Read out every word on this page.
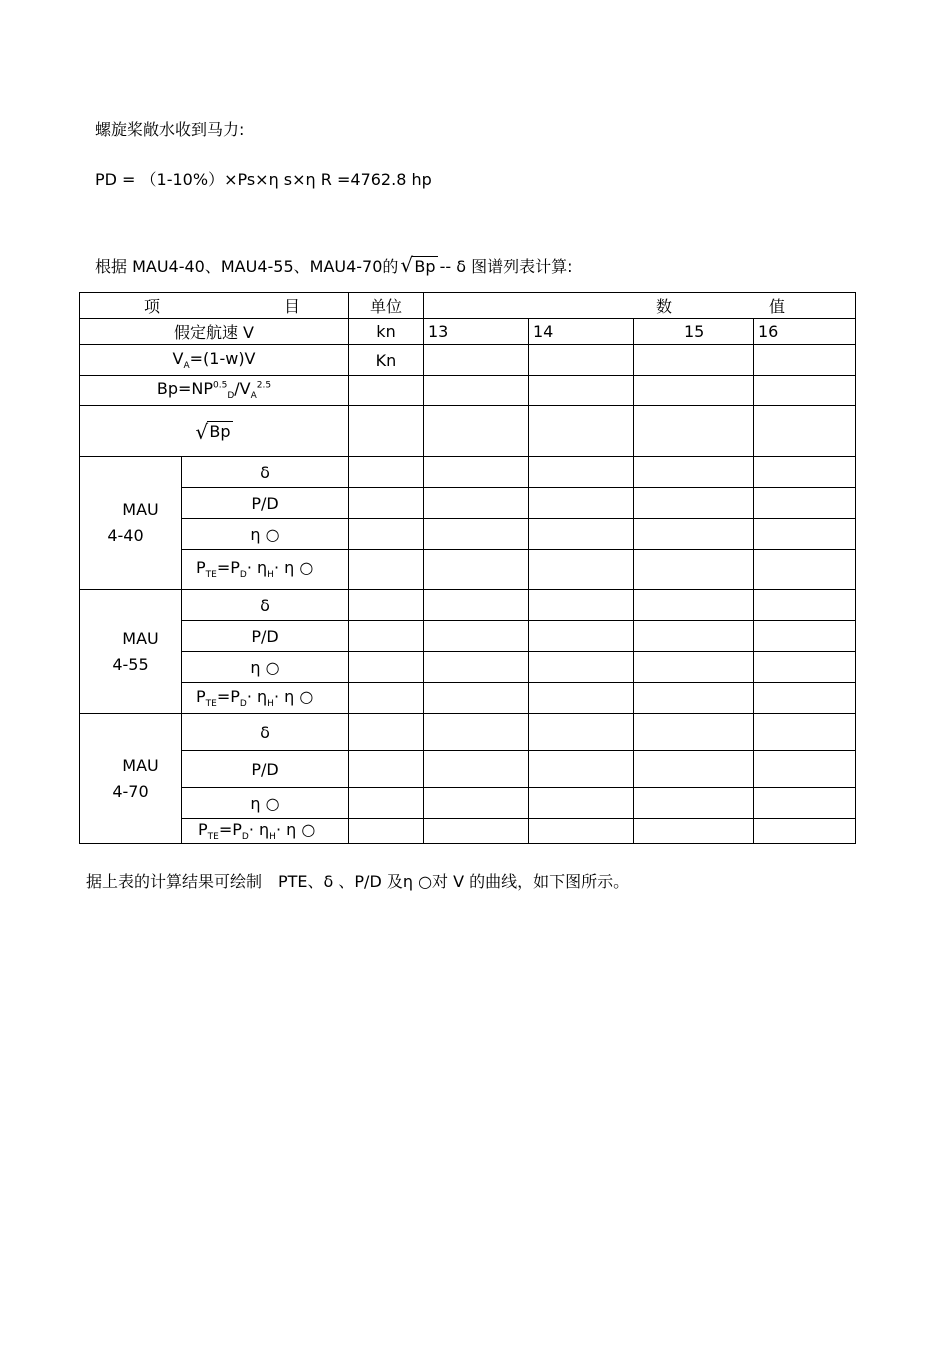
螺旋桨敞水收到马力:
PD = （1-10%）×Ps×η s×η R =4762.8 hp
根据 MAU4-40、MAU4-55、MAU4-70的 √ Bp -- δ 图谱列表计算:
项 目		单位	数 值			

假定航速 V		kn	13	14	15	16
$V_A=(1-w)V$		Kn				
$Bp=NP^{0.5}_D/V_A^{2.5}$					
√ Bp					

MAU
4-40	δ					
	P/D					
	η ○					
	$P_{TE}=P_D\cdot \eta_H\cdot \eta$ ○					

MAU
4-55	δ					
	P/D					
	η ○					
	$P_{TE}=P_D\cdot \eta_H\cdot \eta$ ○					

MAU
4-70	δ					
	P/D					
	η ○					
	$P_{TE}=P_D\cdot \eta_H\cdot \eta$ ○					
据上表的计算结果可绘制　PTE、δ 、P/D 及η ○对 V 的曲线，如下图所示。
